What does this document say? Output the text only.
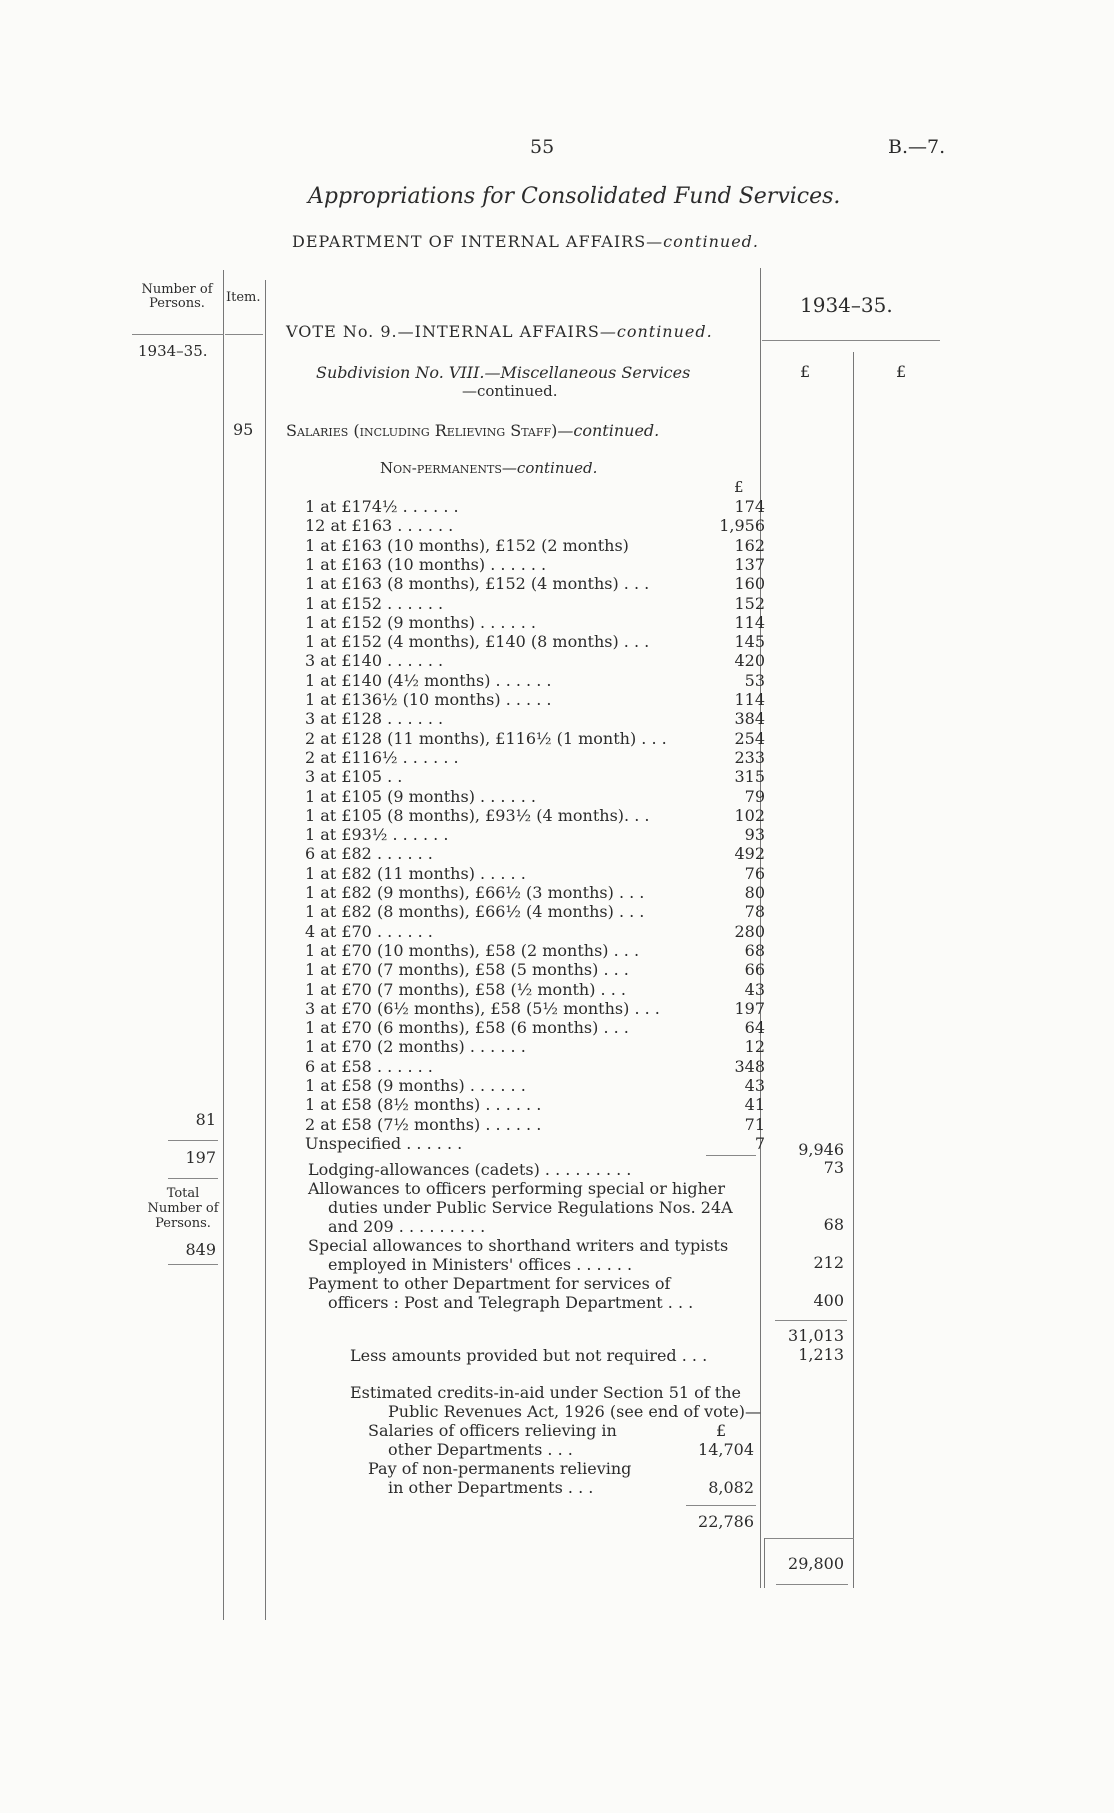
55	B.—7.
Appropriations for Consolidated Fund Services.
DEPARTMENT OF INTERNAL AFFAIRS—continued.
Number of Persons.	Item.
1934–35.
1934–35.
£	£
VOTE No. 9.—INTERNAL AFFAIRS—continued.
Subdivision No. VIII.—Miscellaneous Services
—continued.
95 Salaries (including Relieving Staff)—continued.
Non-permanents—continued.
£
1 at £174½ . . . . . .	174
12 at £163 . . . . . .	1,956
1 at £163 (10 months), £152 (2 months)	162
1 at £163 (10 months) . . . . . .	137
1 at £163 (8 months), £152 (4 months) . . .	160
1 at £152 . . . . . .	152
1 at £152 (9 months) . . . . . .	114
1 at £152 (4 months), £140 (8 months) . . .	145
3 at £140 . . . . . .	420
1 at £140 (4½ months) . . . . . .	53
1 at £136½ (10 months) . . . . .	114
3 at £128 . . . . . .	384
2 at £128 (11 months), £116½ (1 month) . . .	254
2 at £116½ . . . . . .	233
3 at £105 . .	315
1 at £105 (9 months) . . . . . .	79
1 at £105 (8 months), £93½ (4 months). . .	102
1 at £93½ . . . . . .	93
6 at £82 . . . . . .	492
1 at £82 (11 months) . . . . .	76
1 at £82 (9 months), £66½ (3 months) . . .	80
1 at £82 (8 months), £66½ (4 months) . . .	78
4 at £70 . . . . . .	280
1 at £70 (10 months), £58 (2 months) . . .	68
1 at £70 (7 months), £58 (5 months) . . .	66
1 at £70 (7 months), £58 (½ month) . . .	43
3 at £70 (6½ months), £58 (5½ months) . . .	197
1 at £70 (6 months), £58 (6 months) . . .	64
1 at £70 (2 months) . . . . . .	12
6 at £58 . . . . . .	348
1 at £58 (9 months) . . . . . .	43
1 at £58 (8½ months) . . . . . .	41
2 at £58 (7½ months) . . . . . .	71
Unspecified . . . . . .	7
81
197
Total Number of Persons.
849
9,946
Lodging-allowances (cadets) . . . . . . . . .	73
Allowances to officers performing special or higher
duties under Public Service Regulations Nos. 24A
and 209 . . . . . . . . .	68
Special allowances to shorthand writers and typists
employed in Ministers' offices . . . . . .	212
Payment to other Department for services of
officers : Post and Telegraph Department . . .	400
31,013
Less amounts provided but not required . . .	1,213
Estimated credits-in-aid under Section 51 of the
Public Revenues Act, 1926 (see end of vote)—
Salaries of officers relieving in	£
other Departments . . .	14,704
Pay of non-permanents relieving
in other Departments . . .	8,082
22,786
29,800
